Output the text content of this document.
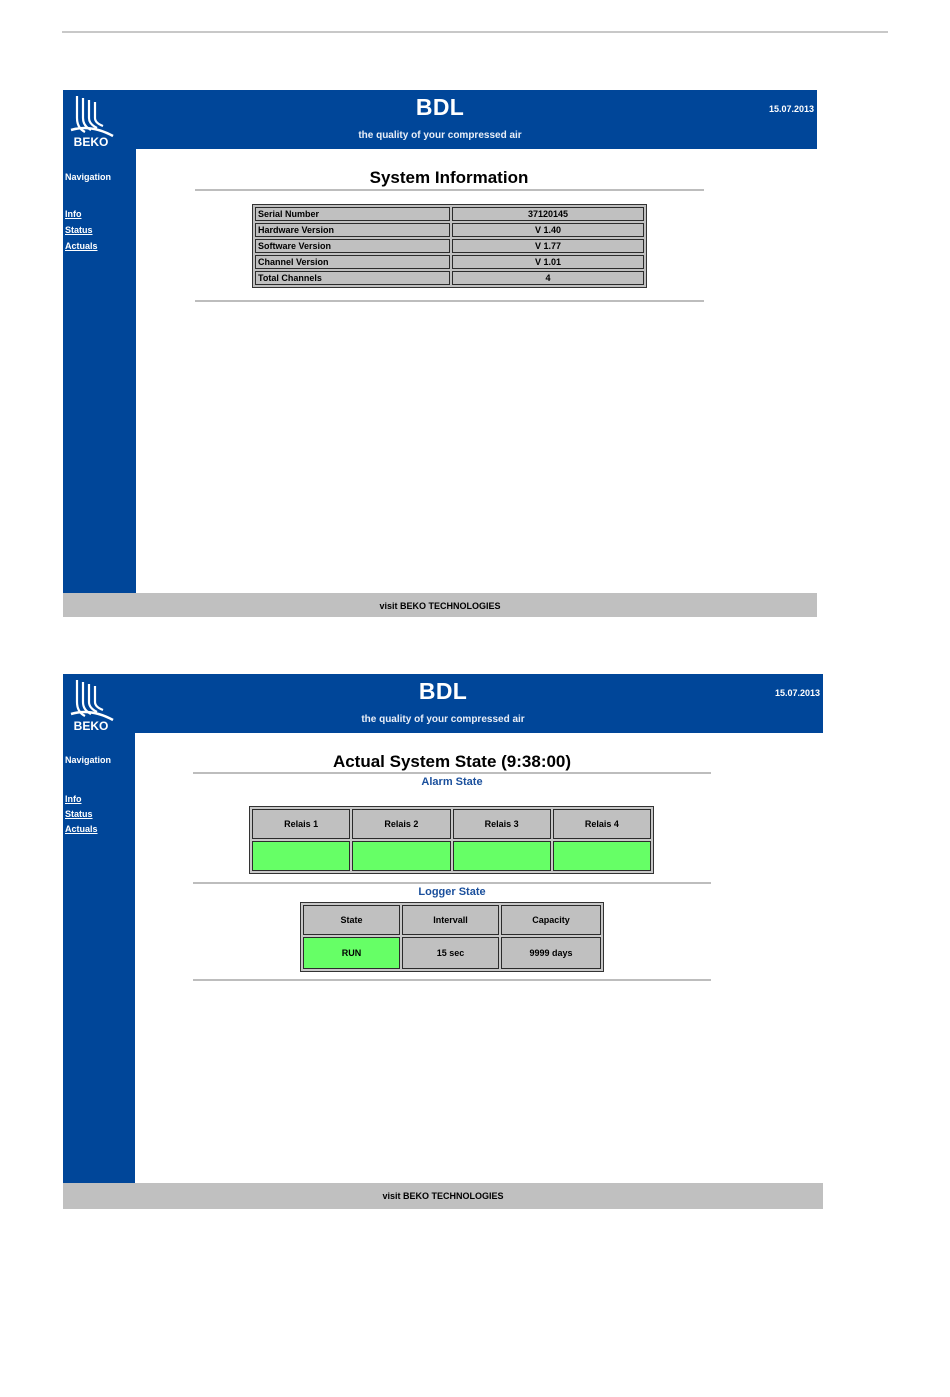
BEKO
BDL
the quality of your compressed air
15.07.2013
Navigation
Info
Status
Actuals
System Information
Serial Number	37120145
Hardware Version	V 1.40
Software Version	V 1.77
Channel Version	V 1.01
Total Channels	4
visit BEKO TECHNOLOGIES
BEKO
BDL
the quality of your compressed air
15.07.2013
Navigation
Info
Status
Actuals
Actual System State (9:38:00)
Alarm State
Relais 1	Relais 2	Relais 3	Relais 4

Logger State
State	Intervall	Capacity
RUN	15 sec	9999 days
visit BEKO TECHNOLOGIES
